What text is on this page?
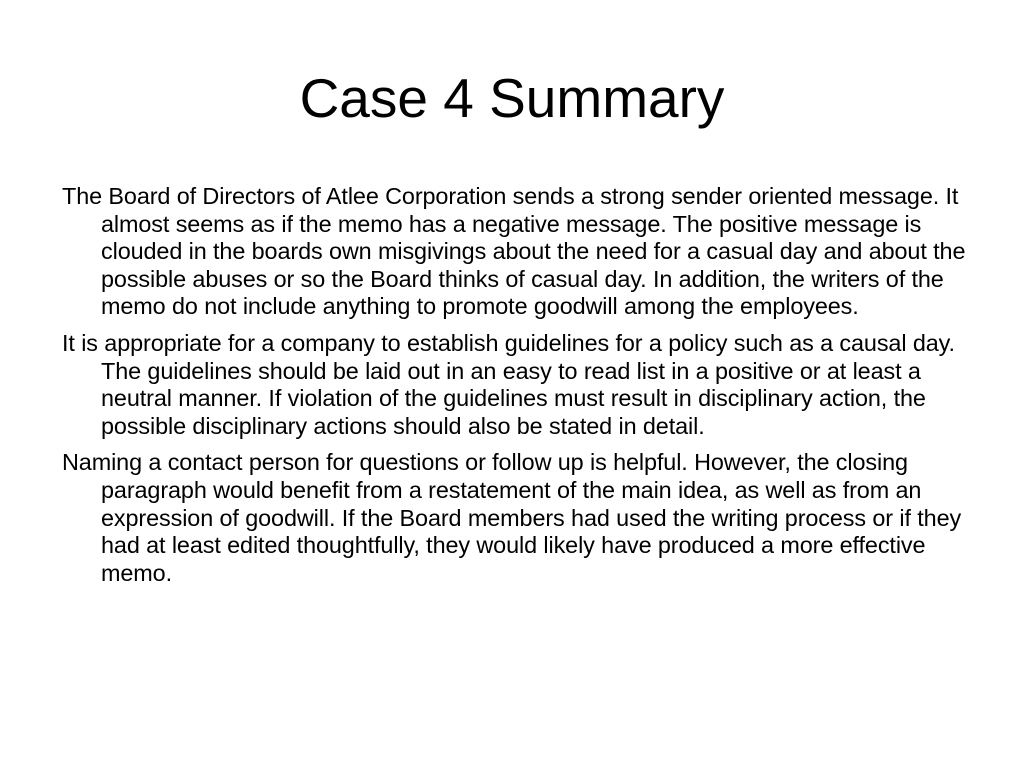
Case 4 Summary
The Board of Directors of Atlee Corporation sends a strong sender oriented message. It almost seems as if the memo has a negative message. The positive message is clouded in the boards own misgivings about the need for a casual day and about the possible abuses or so the Board thinks of casual day. In addition, the writers of the memo do not include anything to promote goodwill among the employees.
It is appropriate for a company to establish guidelines for a policy such as a causal day. The guidelines should be laid out in an easy to read list in a positive or at least a neutral manner. If violation of the guidelines must result in disciplinary action, the possible disciplinary actions should also be stated in detail.
Naming a contact person for questions or follow up is helpful. However, the closing paragraph would benefit from a restatement of the main idea, as well as from an expression of goodwill. If the Board members had used the writing process or if they had at least edited thoughtfully, they would likely have produced a more effective memo.
